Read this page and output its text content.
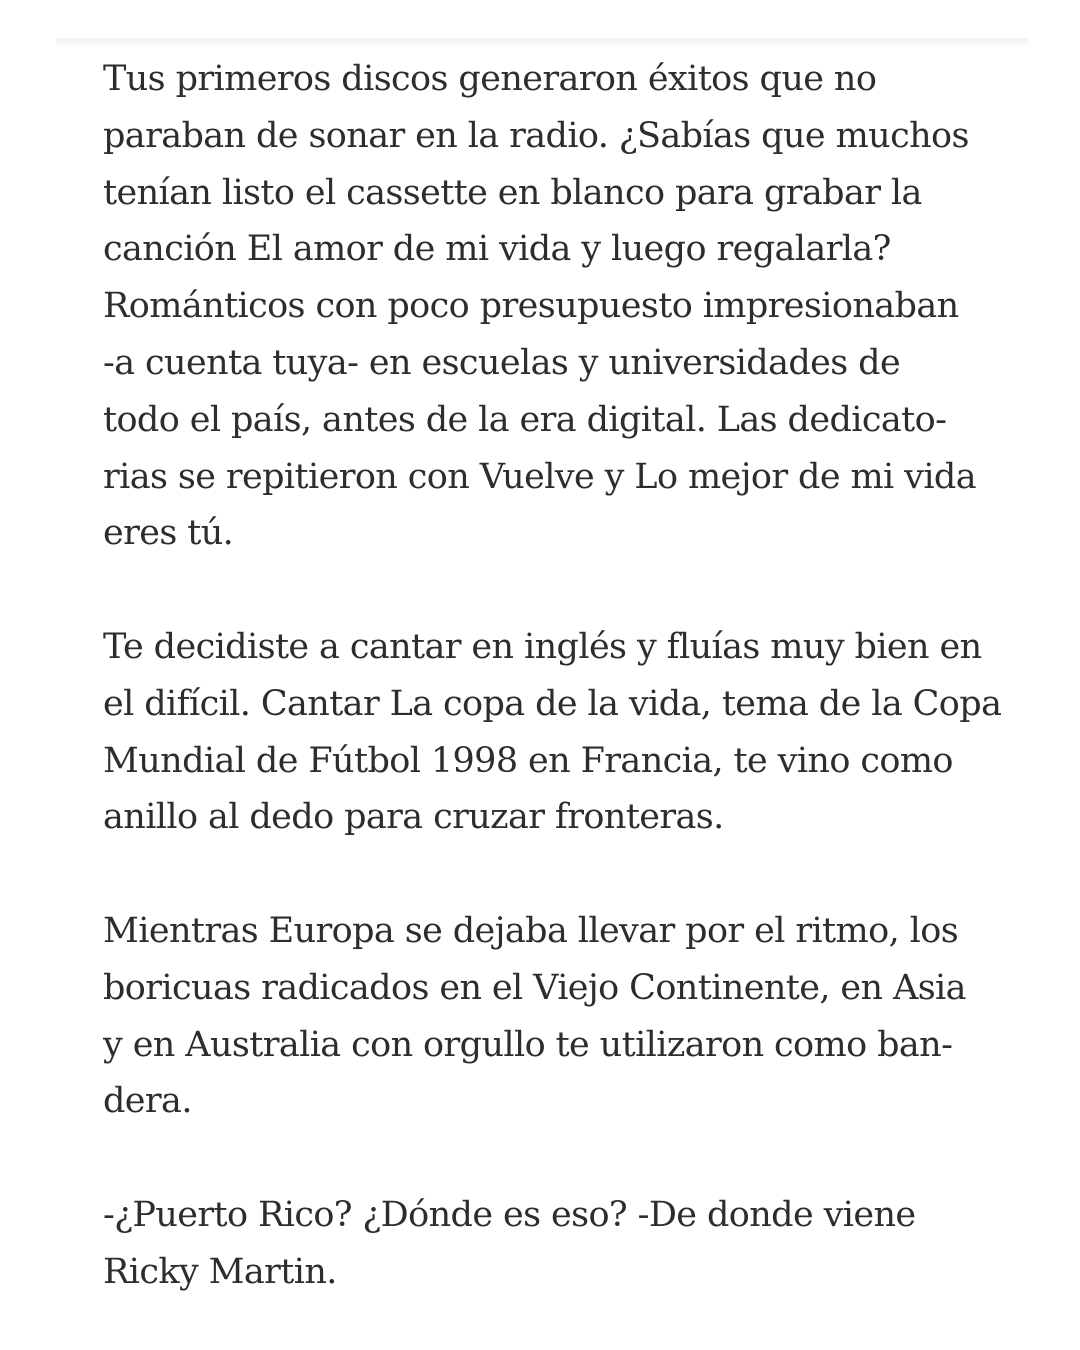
Tus primeros discos generaron éxitos que no
paraban de sonar en la radio. ¿Sabías que muchos
tenían listo el cassette en blanco para grabar la
canción El amor de mi vida y luego regalarla?
Románticos con poco presupuesto impresionaban
-a cuenta tuya- en escuelas y universidades de
todo el país, antes de la era digital. Las dedicato-
rias se repitieron con Vuelve y Lo mejor de mi vida
eres tú.

Te decidiste a cantar en inglés y fluías muy bien en
el difícil. Cantar La copa de la vida, tema de la Copa
Mundial de Fútbol 1998 en Francia, te vino como
anillo al dedo para cruzar fronteras.

Mientras Europa se dejaba llevar por el ritmo, los
boricuas radicados en el Viejo Continente, en Asia
y en Australia con orgullo te utilizaron como ban-
dera.

-¿Puerto Rico? ¿Dónde es eso? -De donde viene
Ricky Martin.
